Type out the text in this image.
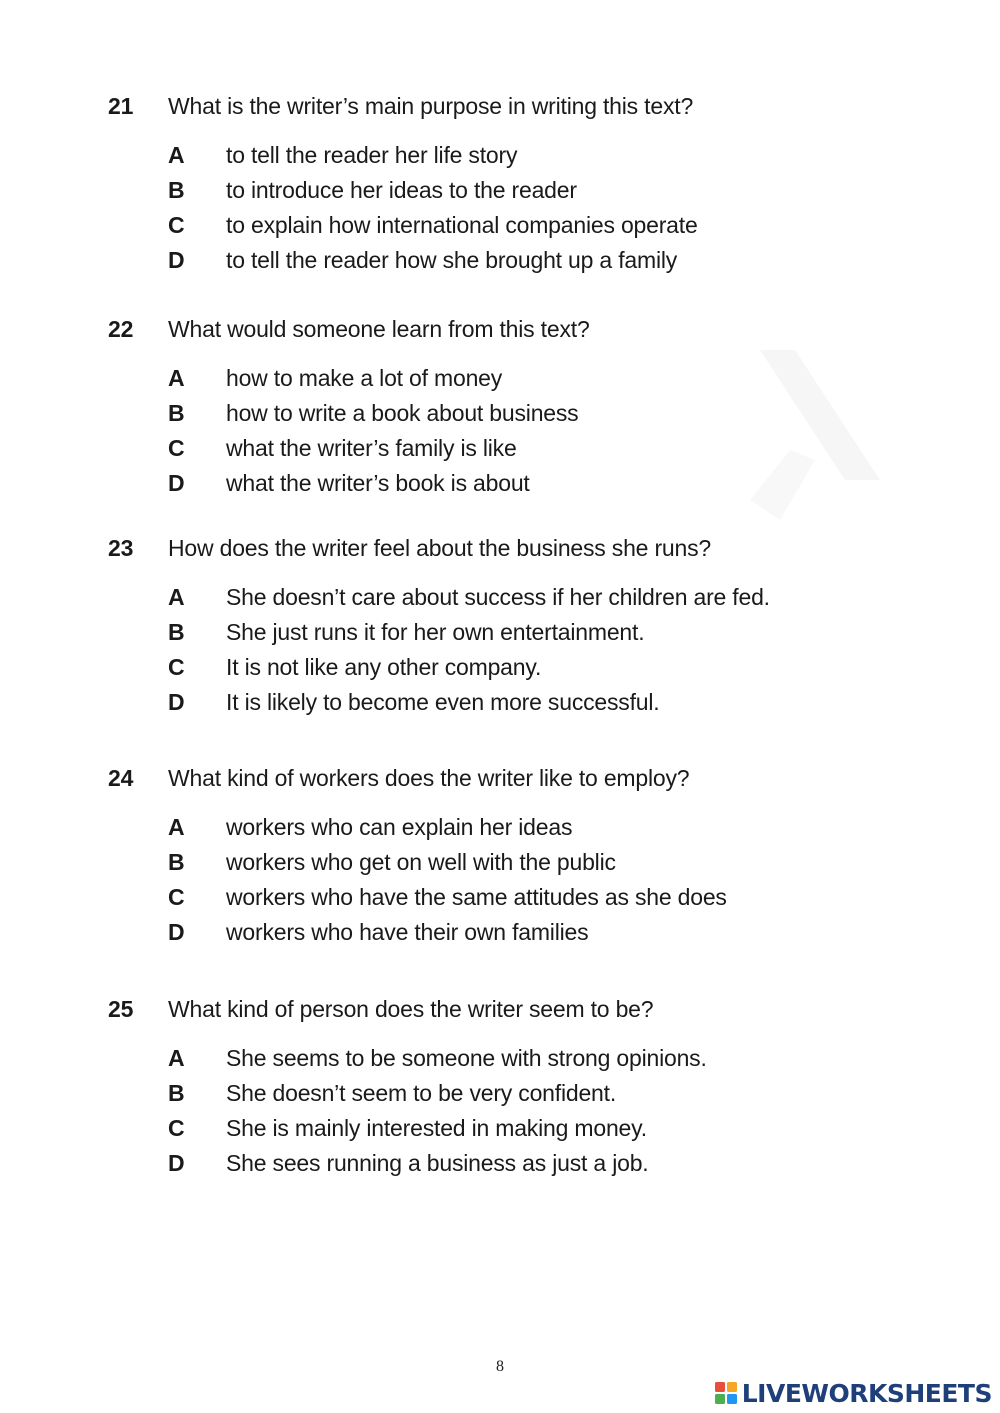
21	What is the writer’s main purpose in writing this text?
A	to tell the reader her life story
B	to introduce her ideas to the reader
C	to explain how international companies operate
D	to tell the reader how she brought up a family
22	What would someone learn from this text?
A	how to make a lot of money
B	how to write a book about business
C	what the writer’s family is like
D	what the writer’s book is about
23	How does the writer feel about the business she runs?
A	She doesn’t care about success if her children are fed.
B	She just runs it for her own entertainment.
C	It is not like any other company.
D	It is likely to become even more successful.
24	What kind of workers does the writer like to employ?
A	workers who can explain her ideas
B	workers who get on well with the public
C	workers who have the same attitudes as she does
D	workers who have their own families
25	What kind of person does the writer seem to be?
A	She seems to be someone with strong opinions.
B	She doesn’t seem to be very confident.
C	She is mainly interested in making money.
D	She sees running a business as just a job.
8
LIVEWORKSHEETS
